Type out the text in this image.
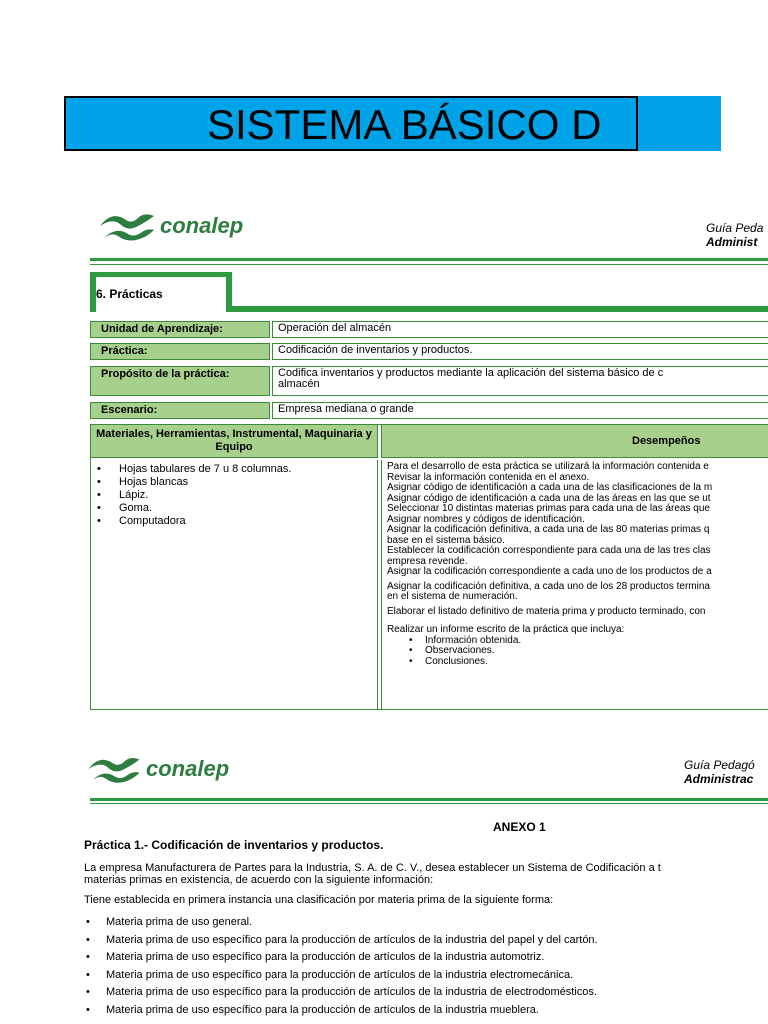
SISTEMA BÁSICO D
conalep	Guía Peda
Administ
6. Prácticas
Unidad de Aprendizaje:	Operación del almacén
Práctica:	Codificación de inventarios y productos.
Propósito de la práctica:	Codifica inventarios y productos mediante la aplicación del sistema básico de c
almacén
Escenario:	Empresa mediana o grande
Materiales, Herramientas, Instrumental, Maquinaria y Equipo	Desempeños
• Hojas tabulares de 7 u 8 columnas.
• Hojas blancas
• Lápiz.
• Goma.
• Computadora
Para el desarrollo de esta práctica se utilizará la información contenida e
Revisar la información contenida en el anexo.
Asignar código de identificación a cada una de las clasificaciones de la m
Asignar código de identificación a cada una de las áreas en las que se ut
Seleccionar 10 distintas materias primas para cada una de las áreas que
Asignar nombres y códigos de identificación.
Asignar la codificación definitiva, a cada una de las 80 materias primas q
base en el sistema básico.
Establecer la codificación correspondiente para cada una de las tres clas
empresa revende.
Asignar la codificación correspondiente a cada uno de los productos de a
Asignar la codificación definitiva, a cada uno de los 28 productos termina
en el sistema de numeración.
Elaborar el listado definitivo de materia prima y producto terminado, con
Realizar un informe escrito de la práctica que incluya:
• Información obtenida.
• Observaciones.
• Conclusiones.
conalep	Guía Pedagó
Administrac
ANEXO 1
Práctica 1.- Codificación de inventarios y productos.
La empresa Manufacturera de Partes para la Industria, S. A. de C. V., desea establecer un Sistema de Codificación a t
materias primas en existencia, de acuerdo con la siguiente información:
Tiene establecida en primera instancia una clasificación por materia prima de la siguiente forma:
• Materia prima de uso general.
• Materia prima de uso específico para la producción de artículos de la industria del papel y del cartón.
• Materia prima de uso específico para la producción de artículos de la industria automotriz.
• Materia prima de uso específico para la producción de artículos de la industria electromecánica.
• Materia prima de uso específico para la producción de artículos de la industria de electrodomésticos.
• Materia prima de uso específico para la producción de artículos de la industria mueblera.
